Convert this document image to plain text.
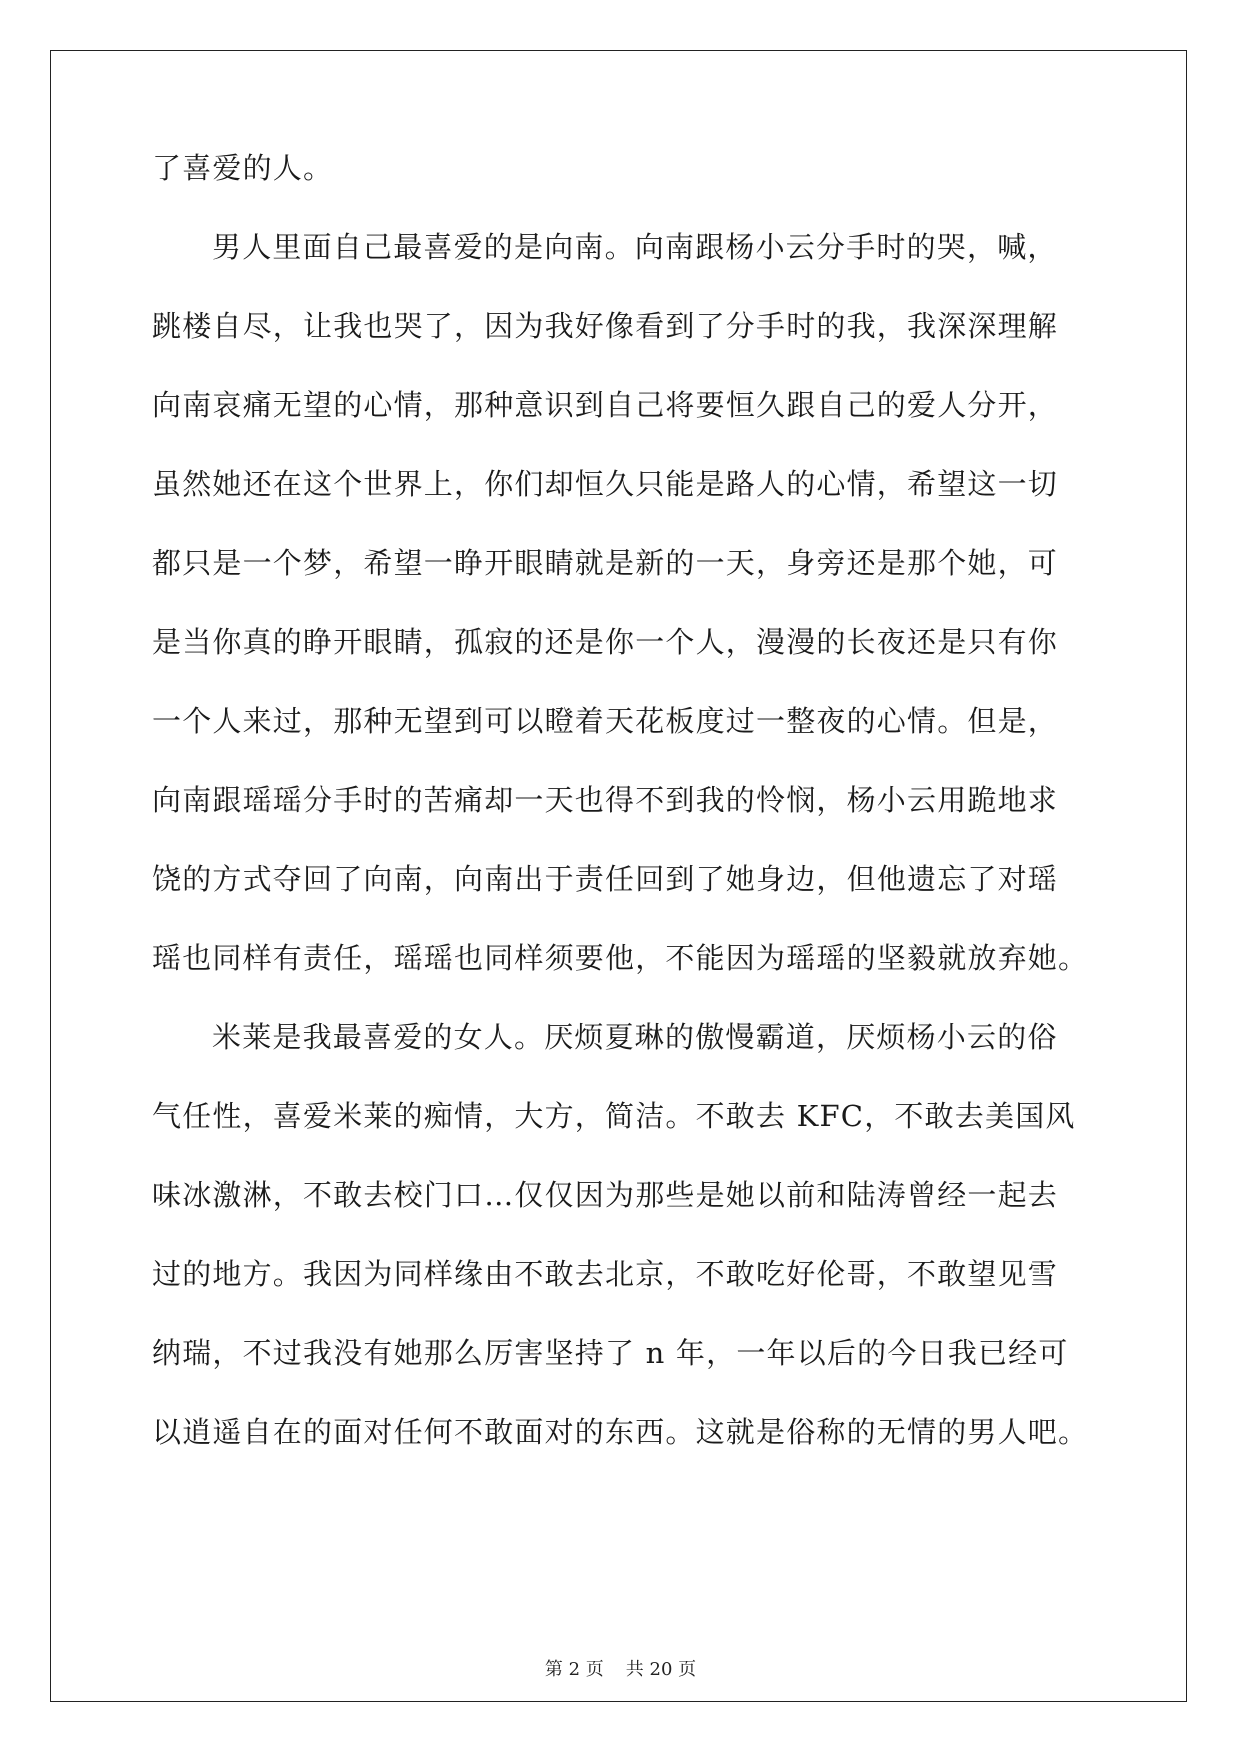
了喜爱的人。

男人里面自己最喜爱的是向南。向南跟杨小云分手时的哭，喊，

跳楼自尽，让我也哭了，因为我好像看到了分手时的我，我深深理解

向南哀痛无望的心情，那种意识到自己将要恒久跟自己的爱人分开，

虽然她还在这个世界上，你们却恒久只能是路人的心情，希望这一切

都只是一个梦，希望一睁开眼睛就是新的一天，身旁还是那个她，可

是当你真的睁开眼睛，孤寂的还是你一个人，漫漫的长夜还是只有你

一个人来过，那种无望到可以瞪着天花板度过一整夜的心情。但是，

向南跟瑶瑶分手时的苦痛却一天也得不到我的怜悯，杨小云用跪地求

饶的方式夺回了向南，向南出于责任回到了她身边，但他遗忘了对瑶

瑶也同样有责任，瑶瑶也同样须要他，不能因为瑶瑶的坚毅就放弃她。

米莱是我最喜爱的女人。厌烦夏琳的傲慢霸道，厌烦杨小云的俗

气任性，喜爱米莱的痴情，大方，简洁。不敢去 KFC，不敢去美国风

味冰激淋，不敢去校门口…仅仅因为那些是她以前和陆涛曾经一起去

过的地方。我因为同样缘由不敢去北京，不敢吃好伦哥，不敢望见雪

纳瑞，不过我没有她那么厉害坚持了 n 年，一年以后的今日我已经可

以逍遥自在的面对任何不敢面对的东西。这就是俗称的无情的男人吧。

第 2 页 共 20 页
